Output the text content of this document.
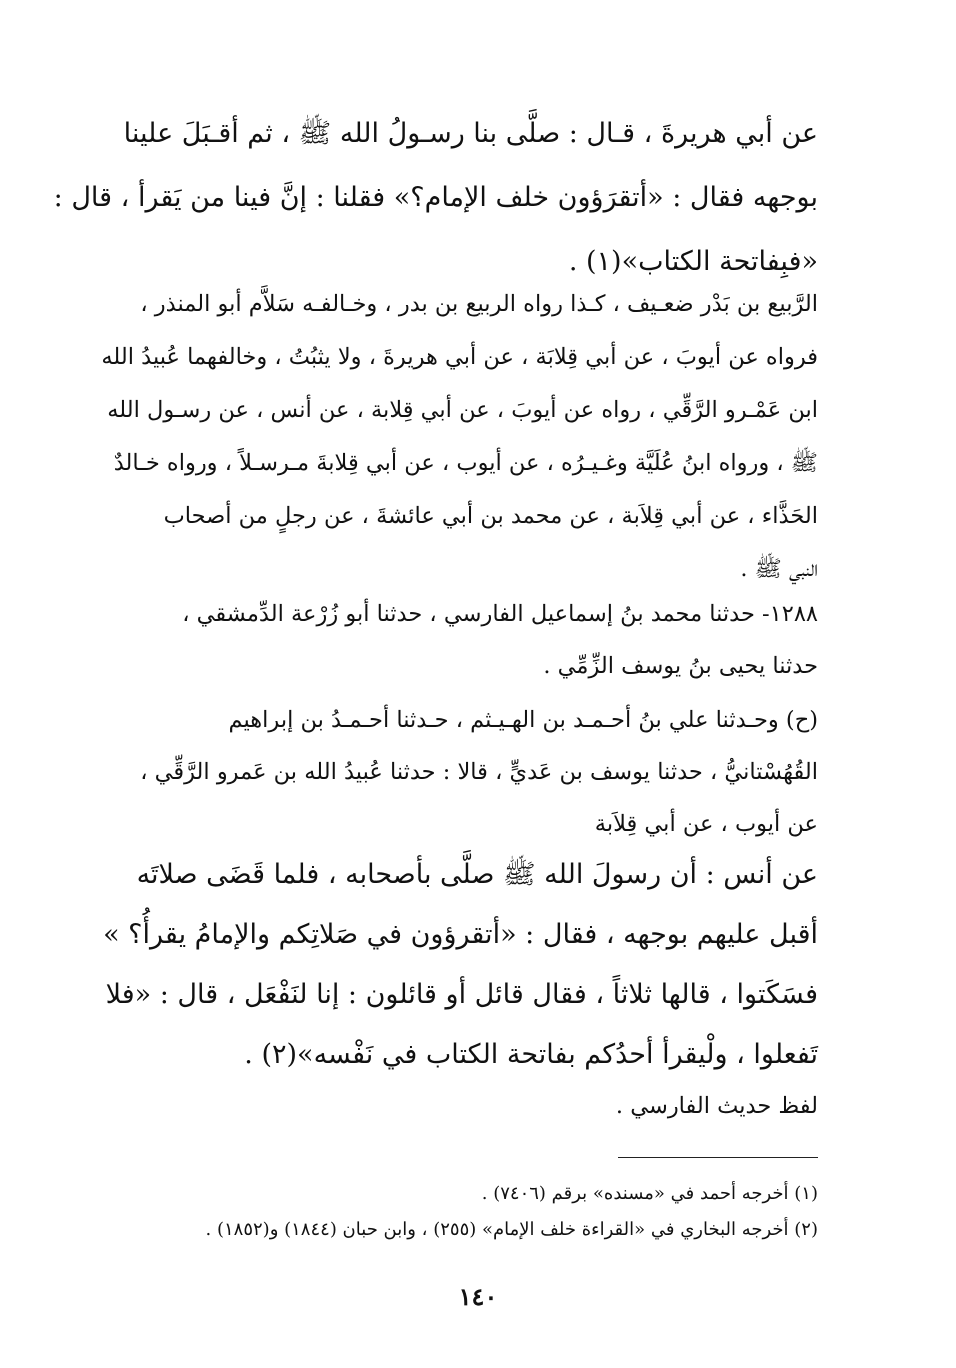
عن أبي هريرةَ ، قـال : صلَّى بنا رسـولُ الله ﷺ ، ثم أقـبَلَ علينا
بوجهه فقال : «أتقرَؤون خلف الإمام؟» فقلنا : إنَّ فينا من يَقرأ ، قال :
«فبِفاتحة الكتاب»(١) .
الرَّبيع بن بَدْر ضعـيف ، كـذا رواه الربيع بن بدر ، وخـالفـه سَلاَّم أبو المنذر ،
فرواه عن أيوبَ ، عن أبي قِلابَة ، عن أبي هريرةَ ، ولا يثبُتُ ، وخالفهما عُبيدُ الله
ابن عَمْـرو الرَّقِّي ، رواه عن أيوبَ ، عن أبي قِلابة ، عن أنس ، عن رسـول الله
ﷺ ، ورواه ابنُ عُلَيَّة وغـيـرُه ، عن أيوب ، عن أبي قِلابةَ مـرسـلاً ، ورواه خـالدٌ
الحَذَّاء ، عن أبي قِلاَبة ، عن محمد بن أبي عائشةَ ، عن رجلٍ من أصحاب
النبي ﷺ .
١٢٨٨- حدثنا محمد بنُ إسماعيل الفارسي ، حدثنا أبو زُرْعة الدِّمشقي ،
حدثنا يحيى بنُ يوسف الزِّمِّي .
(ح) وحـدثنا علي بنُ أحـمـد بن الهـيـثم ، حـدثنا أحـمـدُ بن إبراهيم
القُهُسْتانيُّ ، حدثنا يوسف بن عَديٍّ ، قالا : حدثنا عُبيدُ الله بن عَمرو الرَّقِّي ،
عن أيوب ، عن أبي قِلاَبة
عن أنس : أن رسولَ الله ﷺ صلَّى بأصحابه ، فلما قَضَى صلاتَه
أقبل عليهم بوجهه ، فقال : «أتقرؤون في صَلاتِكم والإمامُ يقرأُ؟ »
فسَكَتوا ، قالها ثلاثاً ، فقال قائل أو قائلون : إنا لنَفْعَل ، قال : «فلا
تَفعلوا ، ولْيقرأ أحدُكم بفاتحة الكتاب في نَفْسه»(٢) .
لفظ حديث الفارسي .
(١) أخرجه أحمد في «مسنده» برقم (٧٤٠٦) .
(٢) أخرجه البخاري في «القراءة خلف الإمام» (٢٥٥) ، وابن حبان (١٨٤٤) و(١٨٥٢) .
١٤٠
